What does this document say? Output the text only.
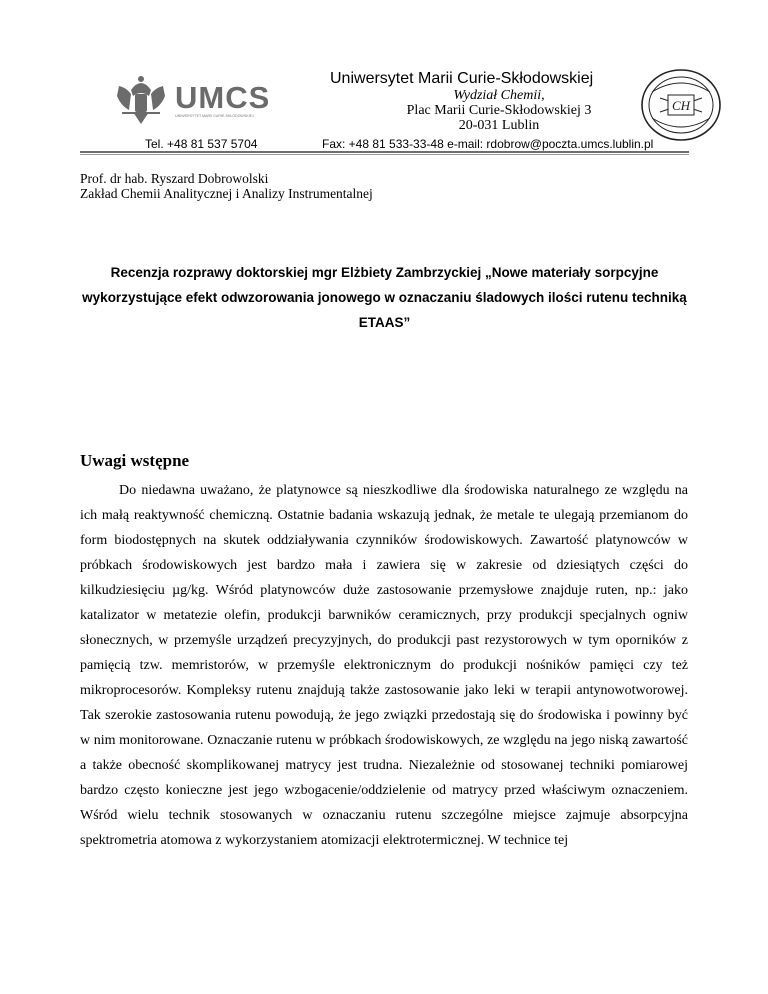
UMCS
UNIWERSYTET MARII CURIE-SKŁODOWSKIEJ
Tel. +48 81 537 5704
Uniwersytet Marii Curie-Skłodowskiej
Wydział Chemii,
Plac Marii Curie-Skłodowskiej 3
20-031 Lublin
Fax: +48 81 533-33-48 e-mail: rdobrow@poczta.umcs.lublin.pl
CH
Prof. dr hab. Ryszard Dobrowolski
Zakład Chemii Analitycznej i Analizy Instrumentalnej
Recenzja rozprawy doktorskiej mgr Elżbiety Zambrzyckiej „Nowe materiały sorpcyjne wykorzystujące efekt odwzorowania jonowego w oznaczaniu śladowych ilości rutenu techniką ETAAS”
Uwagi wstępne

Do niedawna uważano, że platynowce są nieszkodliwe dla środowiska naturalnego ze względu na ich małą reaktywność chemiczną. Ostatnie badania wskazują jednak, że metale te ulegają przemianom do form biodostępnych na skutek oddziaływania czynników środowiskowych. Zawartość platynowców w próbkach środowiskowych jest bardzo mała i zawiera się w zakresie od dziesiątych części do kilkudziesięciu µg/kg. Wśród platynowców duże zastosowanie przemysłowe znajduje ruten, np.: jako katalizator w metatezie olefin, produkcji barwników ceramicznych, przy produkcji specjalnych ogniw słonecznych, w przemyśle urządzeń precyzyjnych, do produkcji past rezystorowych w tym oporników z pamięcią tzw. memristorów, w przemyśle elektronicznym do produkcji nośników pamięci czy też mikroprocesorów. Kompleksy rutenu znajdują także zastosowanie jako leki w terapii antynowotworowej. Tak szerokie zastosowania rutenu powodują, że jego związki przedostają się do środowiska i powinny być w nim monitorowane. Oznaczanie rutenu w próbkach środowiskowych, ze względu na jego niską zawartość a także obecność skomplikowanej matrycy jest trudna. Niezależnie od stosowanej techniki pomiarowej bardzo często konieczne jest jego wzbogacenie/oddzielenie od matrycy przed właściwym oznaczeniem. Wśród wielu technik stosowanych w oznaczaniu rutenu szczególne miejsce zajmuje absorpcyjna spektrometria atomowa z wykorzystaniem atomizacji elektrotermicznej. W technice tej
